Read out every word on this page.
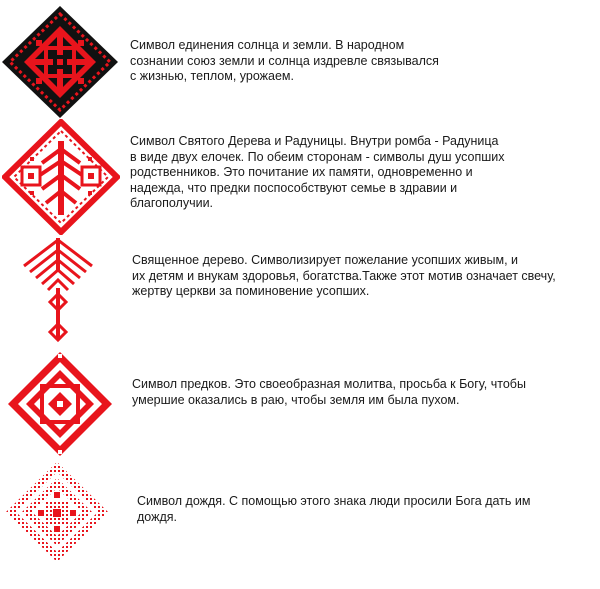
Символ единения солнца и земли. В народном
сознании союз земли и солнца издревле связывался
с жизнью, теплом, урожаем.

Символ Святого Дерева и Радуницы. Внутри ромба - Радуница
в виде двух елочек. По обеим сторонам - символы душ усопших
родственников. Это почитание их памяти, одновременно и
надежда, что предки поспособствуют семье в здравии и
благополучии.

Священное дерево. Символизирует пожелание усопших живым, и
их детям и внукам здоровья, богатства.Также этот мотив означает свечу,
жертву церкви за поминовение усопших.

Символ предков. Это своеобразная молитва, просьба к Богу, чтобы
умершие оказались в раю, чтобы земля им была пухом.

Символ дождя. С помощью этого знака люди просили Бога дать им
дождя.
